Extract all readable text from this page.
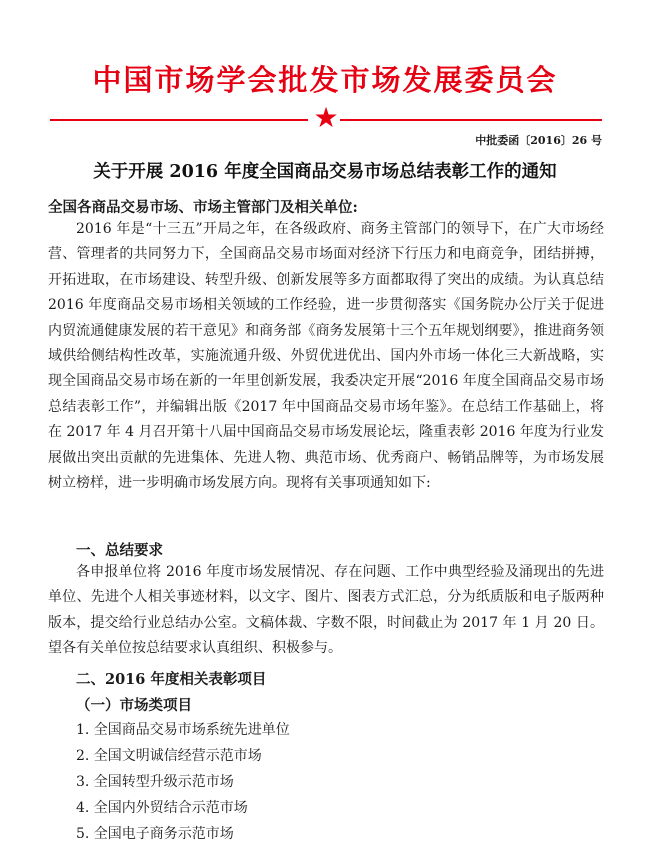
中国市场学会批发市场发展委员会
★
中批委函〔2016〕26 号
关于开展 2016 年度全国商品交易市场总结表彰工作的通知
全国各商品交易市场、市场主管部门及相关单位:

2016 年是“十三五”开局之年，在各级政府、商务主管部门的领导下，在广大市场经营、管理者的共同努力下，全国商品交易市场面对经济下行压力和电商竞争，团结拼搏，开拓进取，在市场建设、转型升级、创新发展等多方面都取得了突出的成绩。为认真总结 2016 年度商品交易市场相关领域的工作经验，进一步贯彻落实《国务院办公厅关于促进内贸流通健康发展的若干意见》和商务部《商务发展第十三个五年规划纲要》，推进商务领域供给侧结构性改革，实施流通升级、外贸优进优出、国内外市场一体化三大新战略，实现全国商品交易市场在新的一年里创新发展，我委决定开展“2016 年度全国商品交易市场总结表彰工作”，并编辑出版《2017 年中国商品交易市场年鉴》。在总结工作基础上，将在 2017 年 4 月召开第十八届中国商品交易市场发展论坛，隆重表彰 2016 年度为行业发展做出突出贡献的先进集体、先进人物、典范市场、优秀商户、畅销品牌等，为市场发展树立榜样，进一步明确市场发展方向。现将有关事项通知如下:

一、总结要求

各申报单位将 2016 年度市场发展情况、存在问题、工作中典型经验及涌现出的先进单位、先进个人相关事迹材料，以文字、图片、图表方式汇总，分为纸质版和电子版两种版本，提交给行业总结办公室。文稿体裁、字数不限，时间截止为 2017 年 1 月 20 日。望各有关单位按总结要求认真组织、积极参与。

二、2016 年度相关表彰项目
（一）市场类项目
1. 全国商品交易市场系统先进单位
2. 全国文明诚信经营示范市场
3. 全国转型升级示范市场
4. 全国内外贸结合示范市场
5. 全国电子商务示范市场
